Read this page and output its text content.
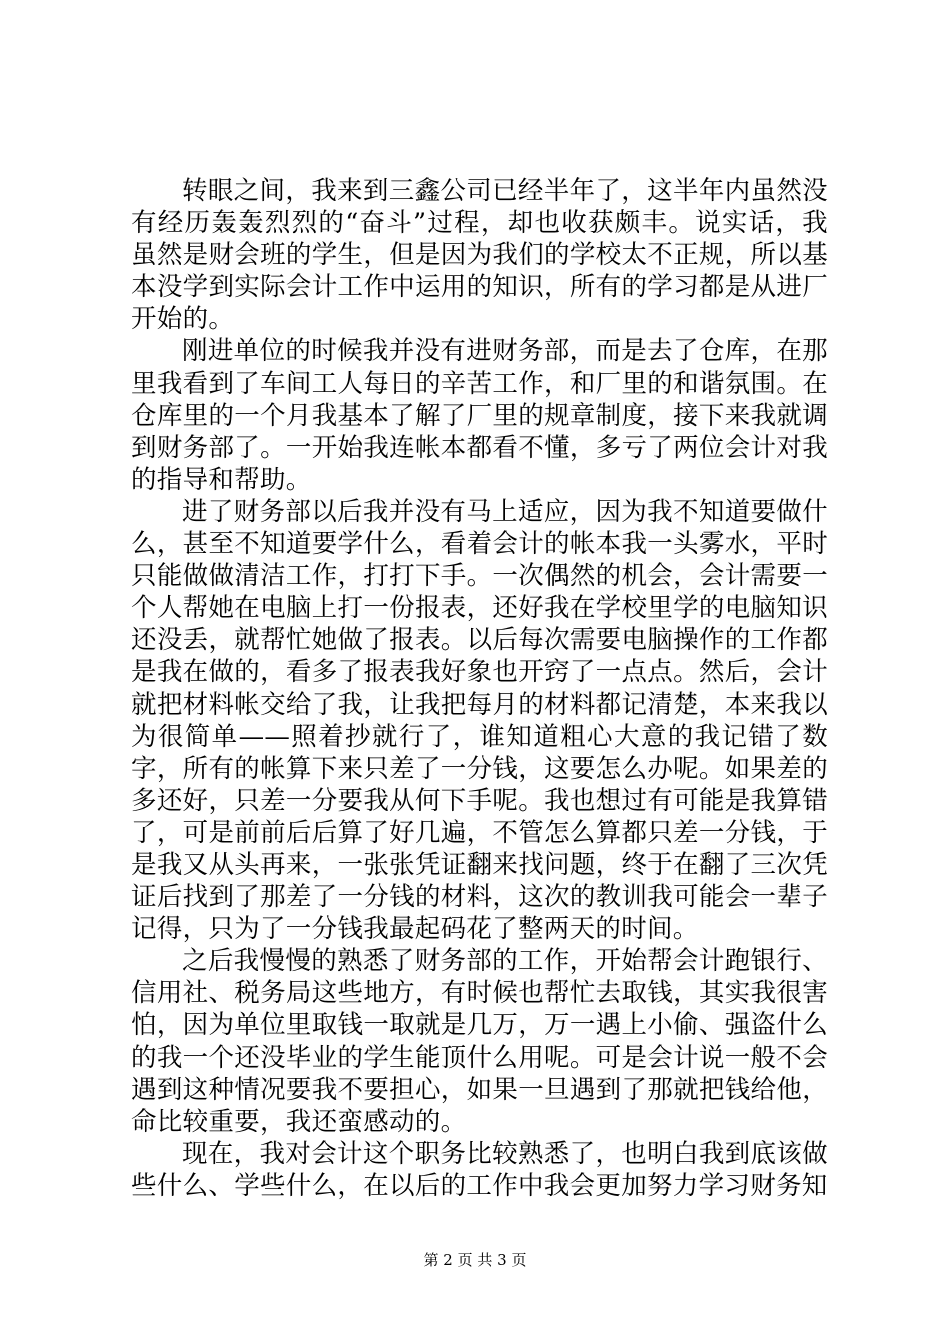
转眼之间，我来到三鑫公司已经半年了，这半年内虽然没有经历轰轰烈烈的“奋斗”过程，却也收获颇丰。说实话，我虽然是财会班的学生，但是因为我们的学校太不正规，所以基本没学到实际会计工作中运用的知识，所有的学习都是从进厂开始的。

刚进单位的时候我并没有进财务部，而是去了仓库，在那里我看到了车间工人每日的辛苦工作，和厂里的和谐氛围。在仓库里的一个月我基本了解了厂里的规章制度，接下来我就调到财务部了。一开始我连帐本都看不懂，多亏了两位会计对我的指导和帮助。

进了财务部以后我并没有马上适应，因为我不知道要做什么，甚至不知道要学什么，看着会计的帐本我一头雾水，平时只能做做清洁工作，打打下手。一次偶然的机会，会计需要一个人帮她在电脑上打一份报表，还好我在学校里学的电脑知识还没丢，就帮忙她做了报表。以后每次需要电脑操作的工作都是我在做的，看多了报表我好象也开窍了一点点。然后，会计就把材料帐交给了我，让我把每月的材料都记清楚，本来我以为很简单——照着抄就行了，谁知道粗心大意的我记错了数字，所有的帐算下来只差了一分钱，这要怎么办呢。如果差的多还好，只差一分要我从何下手呢。我也想过有可能是我算错了，可是前前后后算了好几遍，不管怎么算都只差一分钱，于是我又从头再来，一张张凭证翻来找问题，终于在翻了三次凭证后找到了那差了一分钱的材料，这次的教训我可能会一辈子记得，只为了一分钱我最起码花了整两天的时间。

之后我慢慢的熟悉了财务部的工作，开始帮会计跑银行、信用社、税务局这些地方，有时候也帮忙去取钱，其实我很害怕，因为单位里取钱一取就是几万，万一遇上小偷、强盗什么的我一个还没毕业的学生能顶什么用呢。可是会计说一般不会遇到这种情况要我不要担心，如果一旦遇到了那就把钱给他，命比较重要，我还蛮感动的。

现在，我对会计这个职务比较熟悉了，也明白我到底该做些什么、学些什么，在以后的工作中我会更加努力学习财务知

第 2 页 共 3 页
